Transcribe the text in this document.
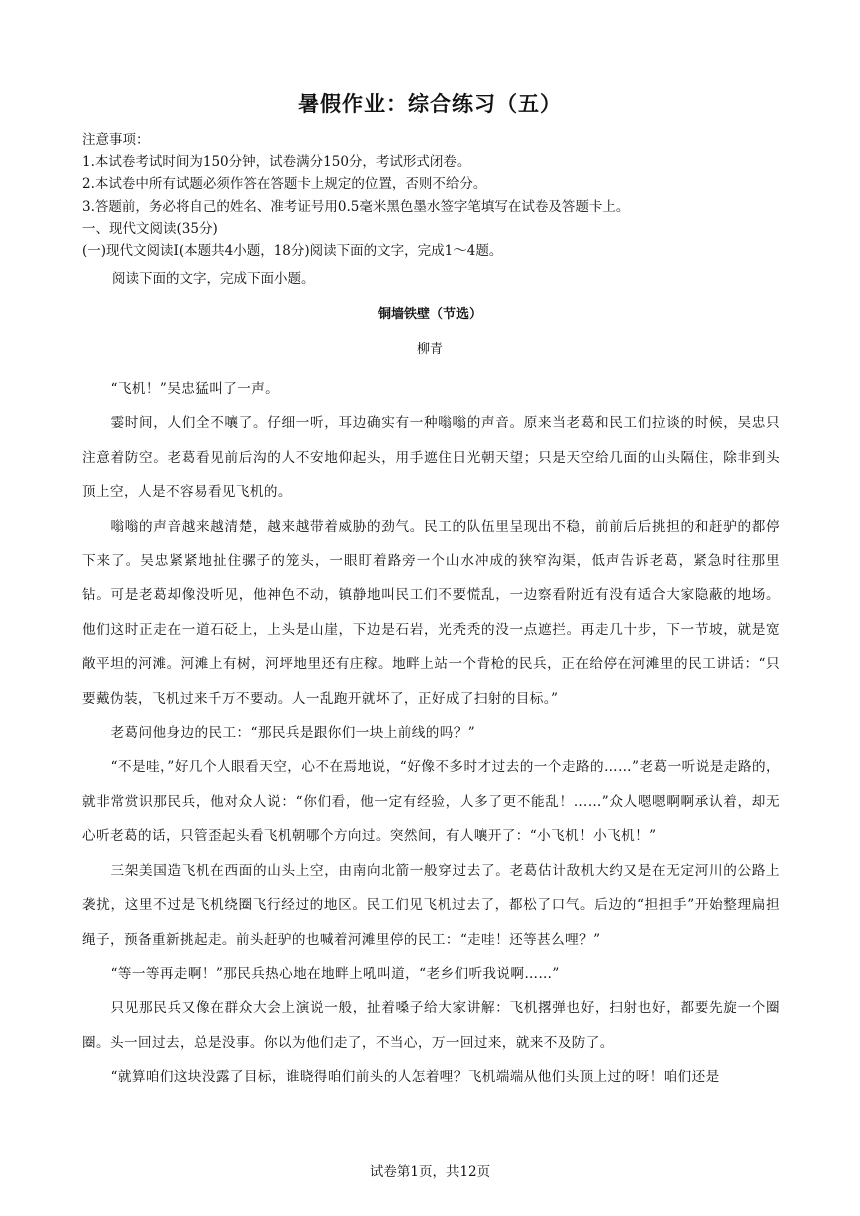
暑假作业：综合练习（五）
注意事项：
1.本试卷考试时间为150分钟，试卷满分150分，考试形式闭卷。
2.本试卷中所有试题必须作答在答题卡上规定的位置，否则不给分。
3.答题前，务必将自己的姓名、准考证号用0.5毫米黑色墨水签字笔填写在试卷及答题卡上。
一、现代文阅读(35分)
(一)现代文阅读I(本题共4小题，18分)阅读下面的文字，完成1～4题。
阅读下面的文字，完成下面小题。
铜墙铁壁（节选）
柳青

“飞机！”吴忠猛叫了一声。

霎时间，人们全不嚷了。仔细一听，耳边确实有一种嗡嗡的声音。原来当老葛和民工们拉谈的时候，吴忠只注意着防空。老葛看见前后沟的人不安地仰起头，用手遮住日光朝天望；只是天空给几面的山头隔住，除非到头顶上空，人是不容易看见飞机的。

嗡嗡的声音越来越清楚，越来越带着威胁的劲气。民工的队伍里呈现出不稳，前前后后挑担的和赶驴的都停下来了。吴忠紧紧地扯住骡子的笼头，一眼盯着路旁一个山水冲成的狭窄沟渠，低声告诉老葛，紧急时往那里钻。可是老葛却像没听见，他神色不动，镇静地叫民工们不要慌乱，一边察看附近有没有适合大家隐蔽的地场。他们这时正走在一道石砭上，上头是山崖，下边是石岩，光秃秃的没一点遮拦。再走几十步，下一节坡，就是宽敞平坦的河滩。河滩上有树，河坪地里还有庄稼。地畔上站一个背枪的民兵，正在给停在河滩里的民工讲话：“只要戴伪装，飞机过来千万不要动。人一乱跑开就坏了，正好成了扫射的目标。”

老葛问他身边的民工：“那民兵是跟你们一块上前线的吗？”

“不是哇，”好几个人眼看天空，心不在焉地说，“好像不多时才过去的一个走路的……”老葛一听说是走路的，就非常赏识那民兵，他对众人说：“你们看，他一定有经验，人多了更不能乱！……”众人嗯嗯啊啊承认着，却无心听老葛的话，只管歪起头看飞机朝哪个方向过。突然间，有人嚷开了：“小飞机！小飞机！”

三架美国造飞机在西面的山头上空，由南向北箭一般穿过去了。老葛估计敌机大约又是在无定河川的公路上袭扰，这里不过是飞机绕圈飞行经过的地区。民工们见飞机过去了，都松了口气。后边的“担担手”开始整理扁担绳子，预备重新挑起走。前头赶驴的也喊着河滩里停的民工：“走哇！还等甚么哩？”

“等一等再走啊！”那民兵热心地在地畔上吼叫道，“老乡们听我说啊……”

只见那民兵又像在群众大会上演说一般，扯着嗓子给大家讲解：飞机撂弹也好，扫射也好，都要先旋一个圈圈。头一回过去，总是没事。你以为他们走了，不当心，万一回过来，就来不及防了。

“就算咱们这块没露了目标，谁晓得咱们前头的人怎着哩？飞机端端从他们头顶上过的呀！咱们还是

试卷第1页，共12页
